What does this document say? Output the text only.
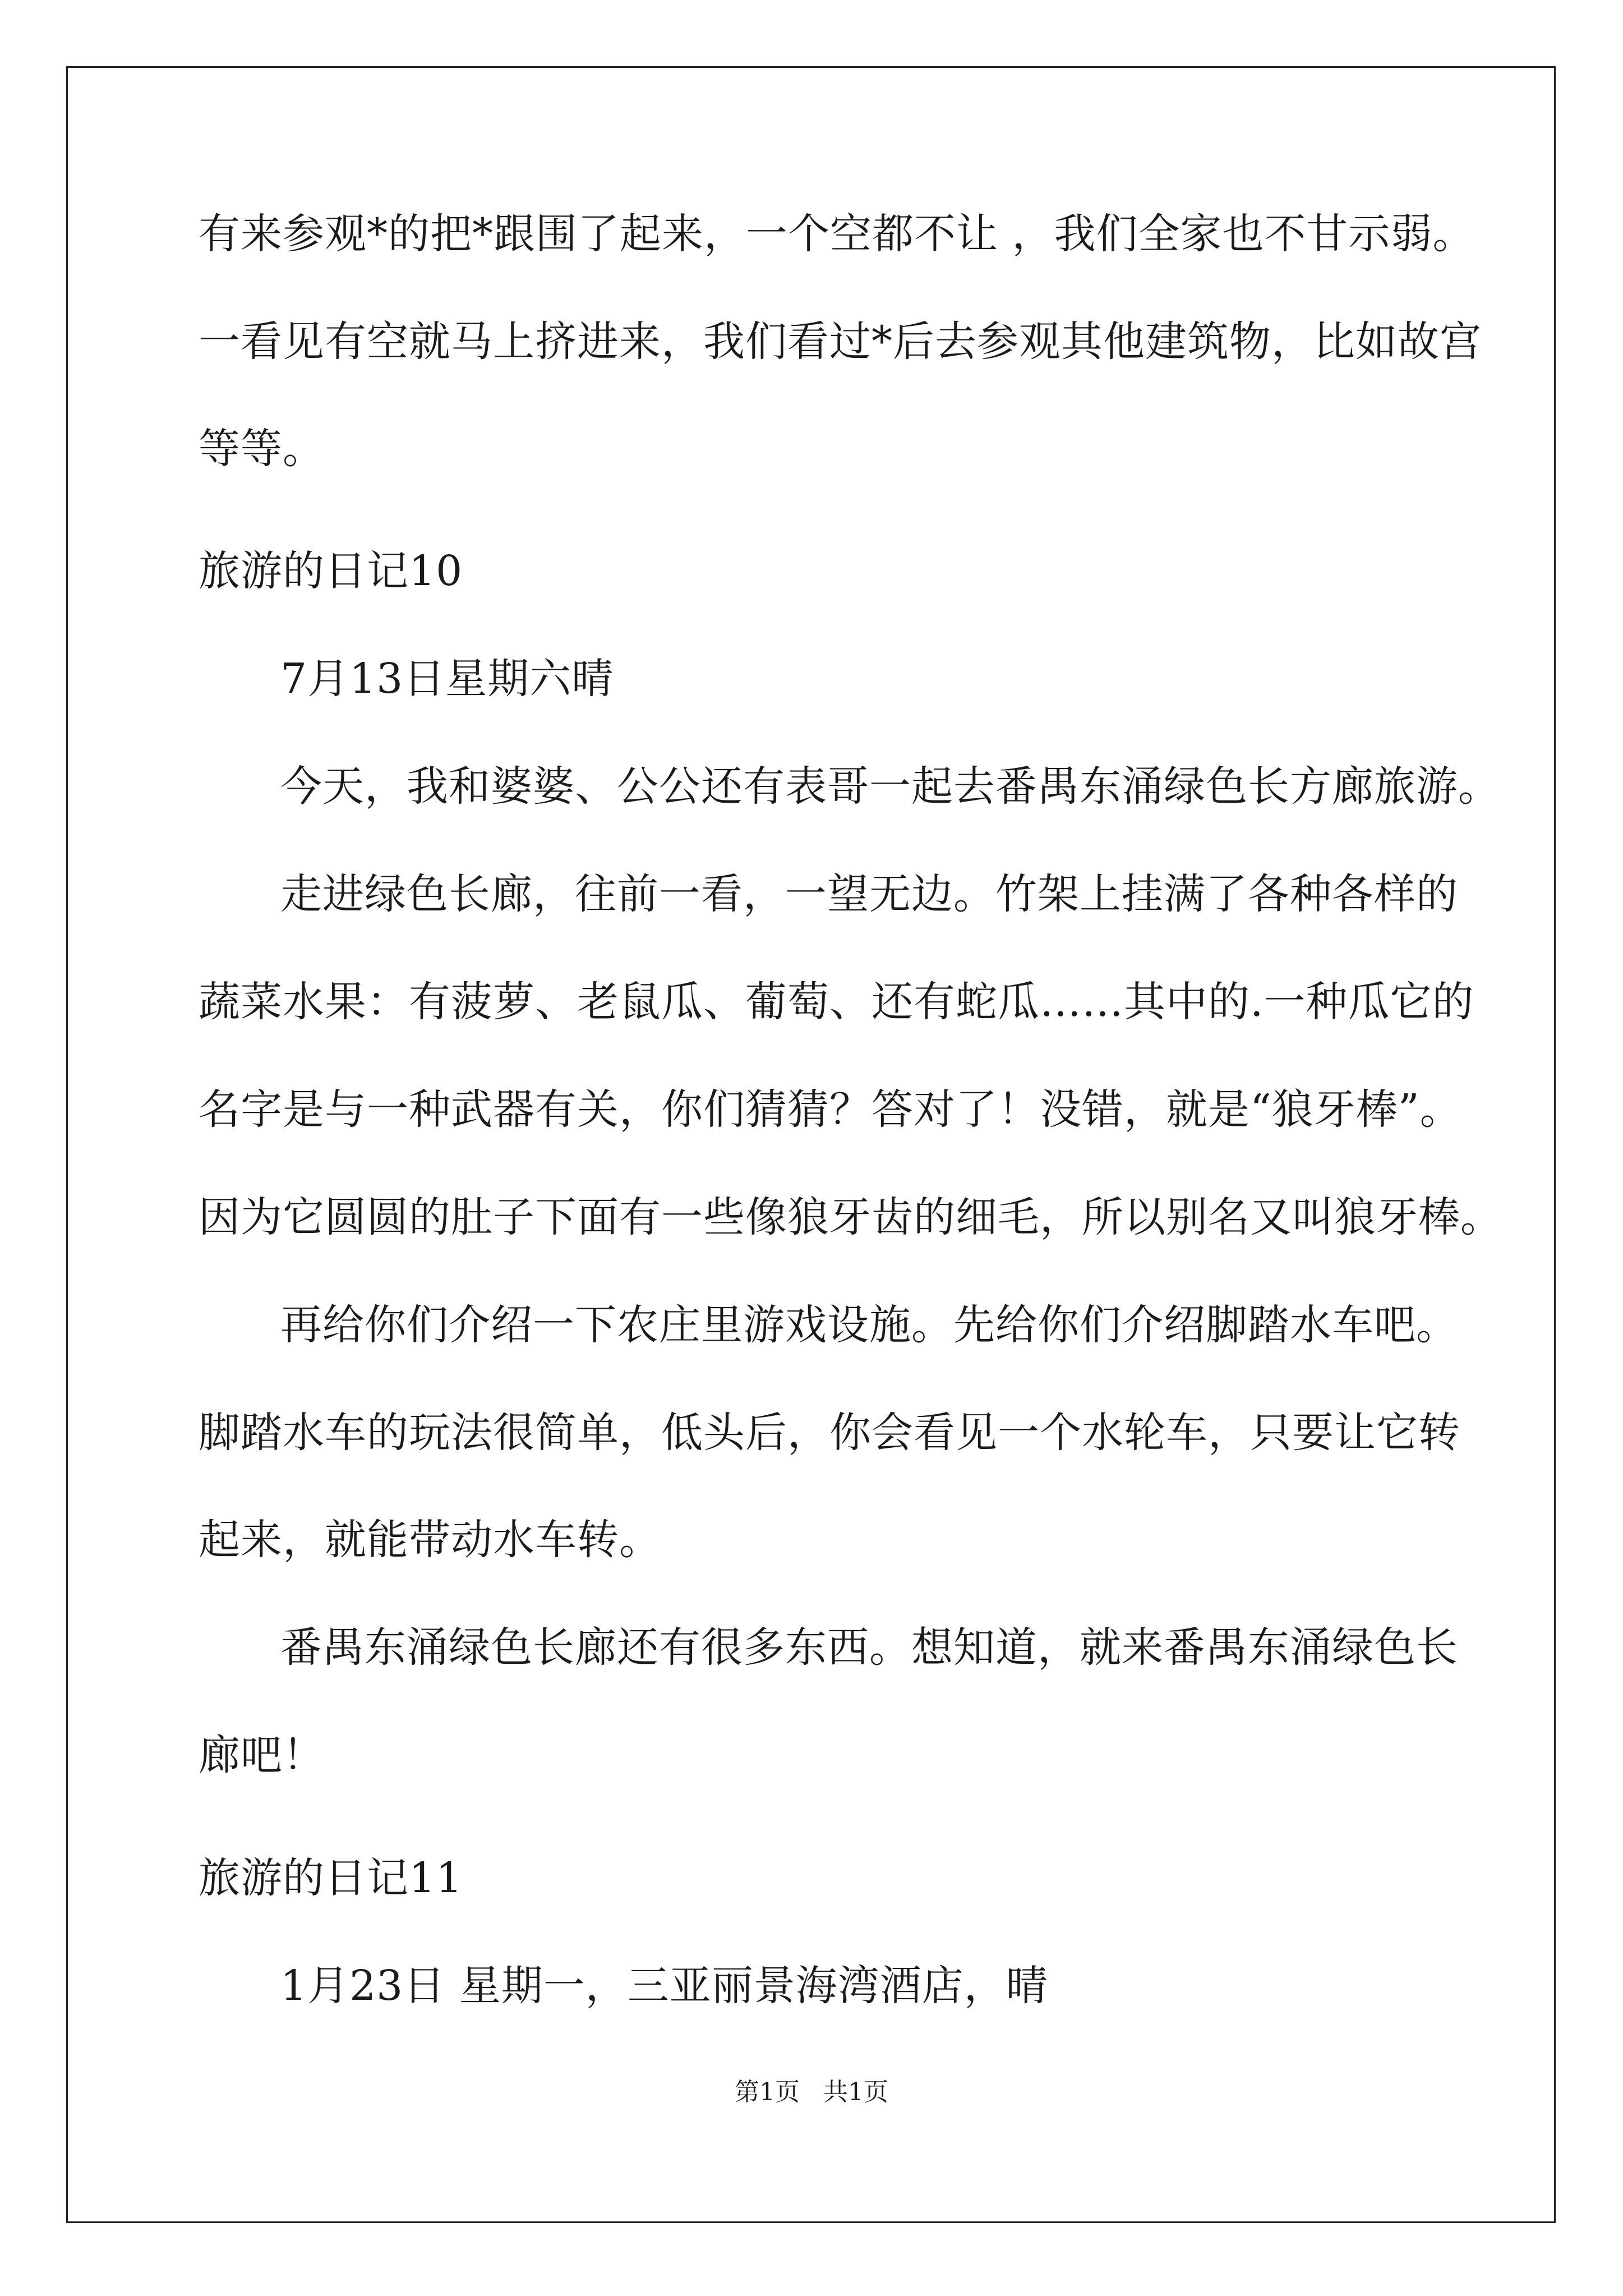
有来参观*的把*跟围了起来，一个空都不让 ，我们全家也不甘示弱。
一看见有空就马上挤进来，我们看过*后去参观其他建筑物，比如故宫
等等。
旅游的日记10
7月13日星期六晴
今天，我和婆婆、公公还有表哥一起去番禺东涌绿色长方廊旅游。
走进绿色长廊，往前一看，一望无边。竹架上挂满了各种各样的
蔬菜水果：有菠萝、老鼠瓜、葡萄、还有蛇瓜……其中的.一种瓜它的
名字是与一种武器有关，你们猜猜？答对了！没错，就是“狼牙棒”。
因为它圆圆的肚子下面有一些像狼牙齿的细毛，所以别名又叫狼牙棒。
再给你们介绍一下农庄里游戏设施。先给你们介绍脚踏水车吧。
脚踏水车的玩法很简单，低头后，你会看见一个水轮车，只要让它转
起来，就能带动水车转。
番禺东涌绿色长廊还有很多东西。想知道，就来番禺东涌绿色长
廊吧！
旅游的日记11
1月23日 星期一，三亚丽景海湾酒店，晴
第1页 共1页
